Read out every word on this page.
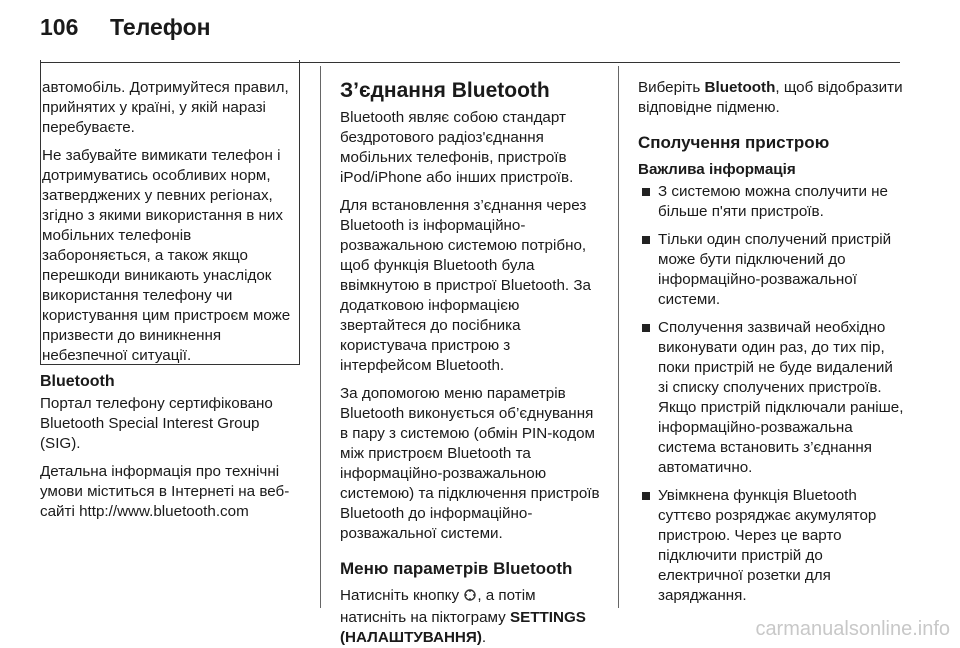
106 Телефон

автомобіль. Дотримуйтеся правил, прийнятих у країні, у якій наразі перебуваєте.

Не забувайте вимикати телефон і дотримуватись особливих норм, затверджених у певних регіонах, згідно з якими використання в них мобільних телефонів забороняється, а також якщо перешкоди виникають унаслідок використання телефону чи користування цим пристроєм може призвести до виникнення небезпечної ситуації.

Bluetooth

Портал телефону сертифіковано Bluetooth Special Interest Group (SIG).

Детальна інформація про технічні умови міститься в Інтернеті на веб-сайті http://www.bluetooth.com

З’єднання Bluetooth

Bluetooth являє собою стандарт бездротового радіоз'єднання мобільних телефонів, пристроїв iPod/iPhone або інших пристроїв.

Для встановлення з’єднання через Bluetooth із інформаційно-розважальною системою потрібно, щоб функція Bluetooth була ввімкнутою в пристрої Bluetooth. За додатковою інформацією звертайтеся до посібника користувача пристрою з інтерфейсом Bluetooth.

За допомогою меню параметрів Bluetooth виконується об’єднування в пару з системою (обмін PIN-кодом між пристроєм Bluetooth та інформаційно-розважальною системою) та підключення пристроїв Bluetooth до інформаційно-розважальної системи.

Меню параметрів Bluetooth

Натисніть кнопку , а потім натисніть на піктограму SETTINGS (НАЛАШТУВАННЯ).

Виберіть Bluetooth, щоб відобразити відповідне підменю.

Сполучення пристрою
Важлива інформація
З системою можна сполучити не більше п'яти пристроїв.
Тільки один сполучений пристрій може бути підключений до інформаційно-розважальної системи.
Сполучення зазвичай необхідно виконувати один раз, до тих пір, поки пристрій не буде видалений зі списку сполучених пристроїв. Якщо пристрій підключали раніше, інформаційно-розважальна система встановить з’єднання автоматично.
Увімкнена функція Bluetooth суттєво розряджає акумулятор пристрою. Через це варто підключити пристрій до електричної розетки для заряджання.
carmanualsonline.info
